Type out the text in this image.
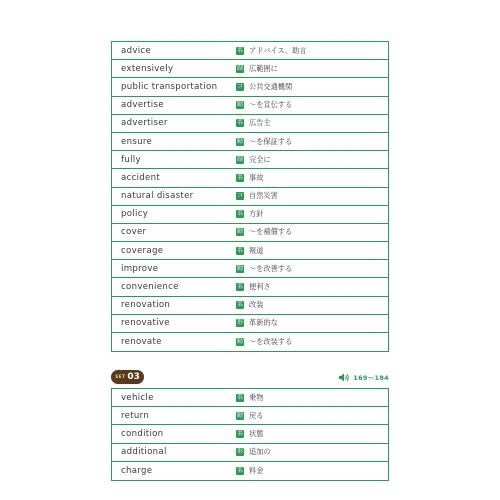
advice	名 アドバイス、助言
extensively	副 広範囲に
public transportation	コ 公共交通機関
advertise	動 ～を宣伝する
advertiser	名 広告主
ensure	動 ～を保証する
fully	副 完全に
accident	名 事故
natural disaster	コ 自然災害
policy	名 方針
cover	動 ～を補償する
coverage	名 報道
improve	動 ～を改善する
convenience	名 便利さ
renovation	名 改装
renovative	形 革新的な
renovate	動 ～を改装する
SET 03	169～184
vehicle	名 乗物
return	動 戻る
condition	名 状態
additional	形 追加の
charge	名 料金
